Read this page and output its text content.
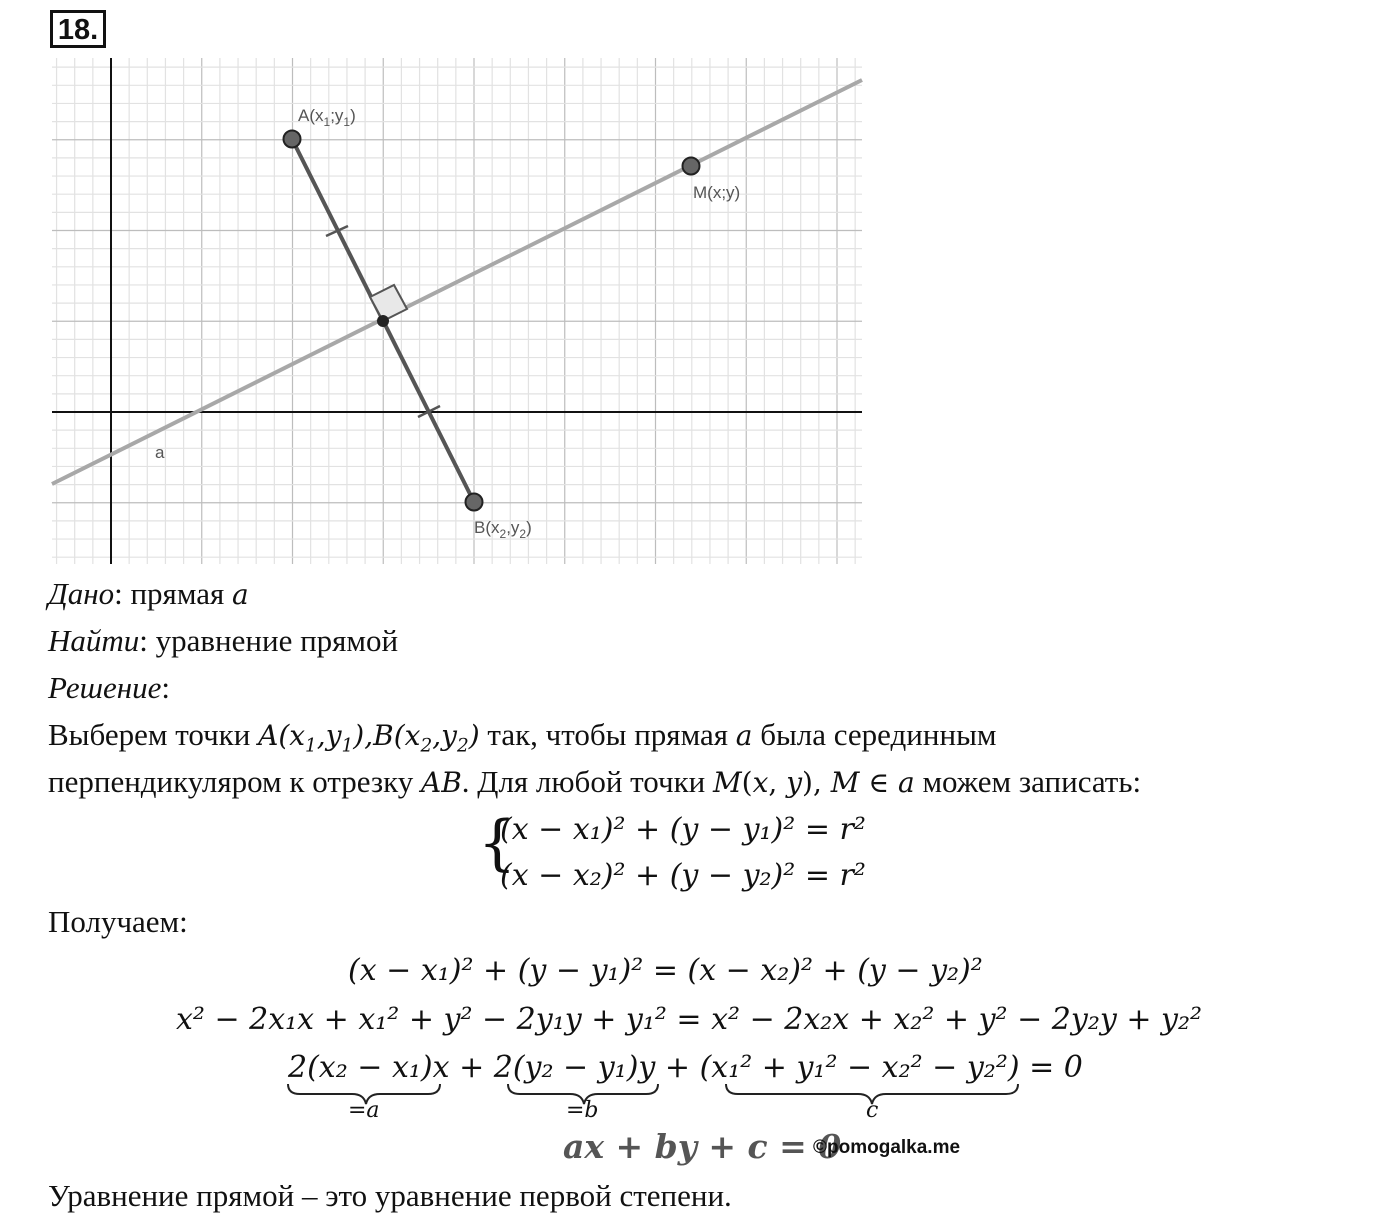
18.
$A(x_1;y_1)$
$B(x_2,y_2)$
M(x;y)
a
Дано: прямая a
Найти: уравнение прямой
Решение:
Выберем точки $A(x_1,y_1),B(x_2,y_2)$ так, чтобы прямая a была серединным
перпендикуляром к отрезку AB. Для любой точки M(x, y), M ∈ a можем записать:
{
(x − x₁)² + (y − y₁)² = r²
(x − x₂)² + (y − y₂)² = r²
Получаем:
(x − x₁)² + (y − y₁)² = (x − x₂)² + (y − y₂)²
x² − 2x₁x + x₁² + y² − 2y₁y + y₁² = x² − 2x₂x + x₂² + y² − 2y₂y + y₂²
2(x₂ − x₁)x + 2(y₂ − y₁)y + (x₁² + y₁² − x₂² − y₂²) = 0
=a	=b	c
ax + by + c = 0
©pomogalka.me
Уравнение прямой – это уравнение первой степени.
